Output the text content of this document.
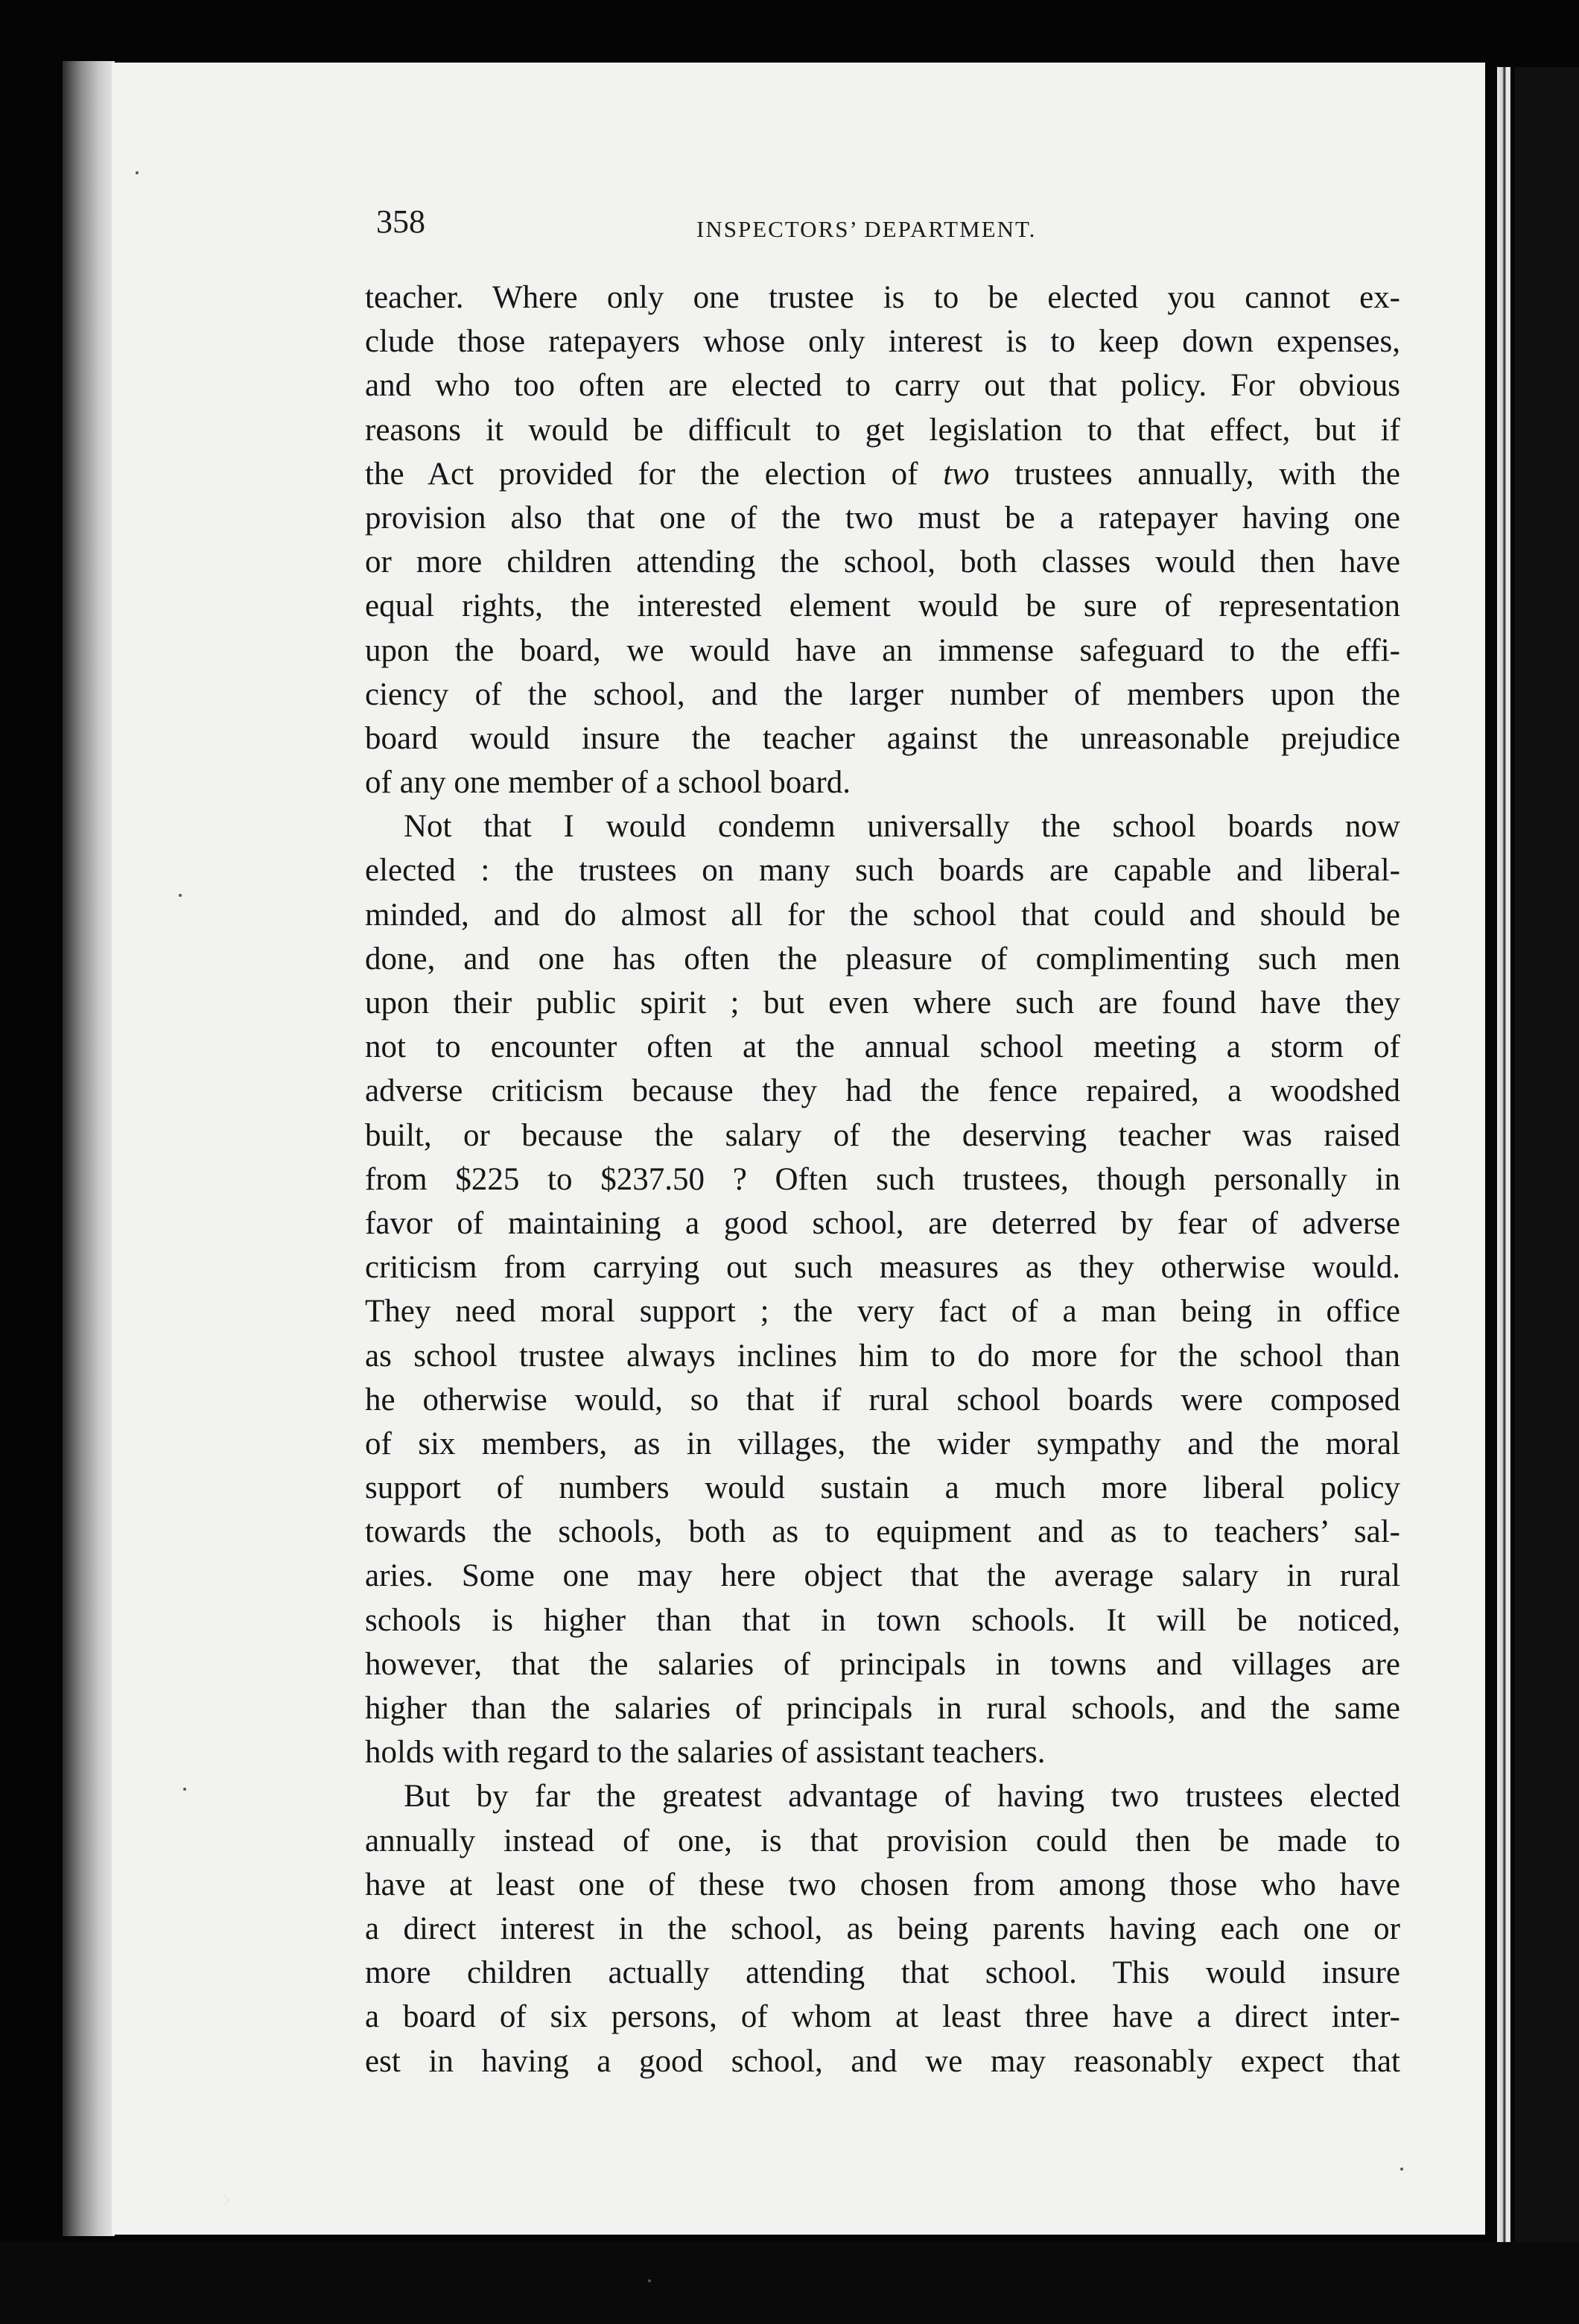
358	INSPECTORS’ DEPARTMENT.
teacher. Where only one trustee is to be elected you cannot ex-
clude those ratepayers whose only interest is to keep down expenses,
and who too often are elected to carry out that policy. For obvious
reasons it would be difficult to get legislation to that effect, but if
the Act provided for the election of two trustees annually, with the
provision also that one of the two must be a ratepayer having one
or more children attending the school, both classes would then have
equal rights, the interested element would be sure of representation
upon the board, we would have an immense safeguard to the effi-
ciency of the school, and the larger number of members upon the
board would insure the teacher against the unreasonable prejudice
of any one member of a school board.
Not that I would condemn universally the school boards now
elected : the trustees on many such boards are capable and liberal-
minded, and do almost all for the school that could and should be
done, and one has often the pleasure of complimenting such men
upon their public spirit ; but even where such are found have they
not to encounter often at the annual school meeting a storm of
adverse criticism because they had the fence repaired, a woodshed
built, or because the salary of the deserving teacher was raised
from $225 to $237.50 ? Often such trustees, though personally in
favor of maintaining a good school, are deterred by fear of adverse
criticism from carrying out such measures as they otherwise would.
They need moral support ; the very fact of a man being in office
as school trustee always inclines him to do more for the school than
he otherwise would, so that if rural school boards were composed
of six members, as in villages, the wider sympathy and the moral
support of numbers would sustain a much more liberal policy
towards the schools, both as to equipment and as to teachers’ sal-
aries. Some one may here object that the average salary in rural
schools is higher than that in town schools. It will be noticed,
however, that the salaries of principals in towns and villages are
higher than the salaries of principals in rural schools, and the same
holds with regard to the salaries of assistant teachers.
But by far the greatest advantage of having two trustees elected
annually instead of one, is that provision could then be made to
have at least one of these two chosen from among those who have
a direct interest in the school, as being parents having each one or
more children actually attending that school. This would insure
a board of six persons, of whom at least three have a direct inter-
est in having a good school, and we may reasonably expect that
›
